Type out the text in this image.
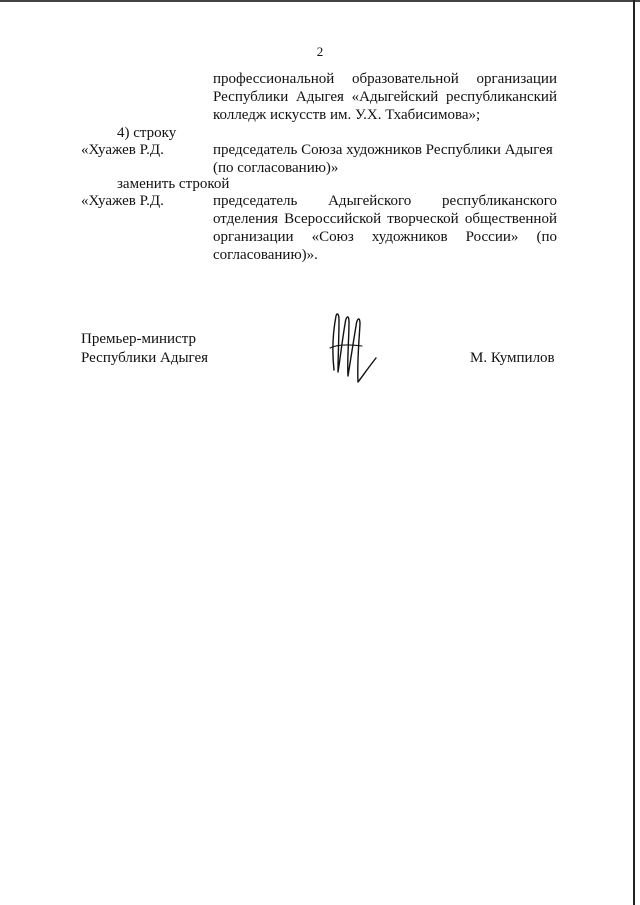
2
профессиональной образовательной организации
Республики Адыгея «Адыгейский республиканский
колледж искусств им. У.Х. Тхабисимова»;
4) строку
«Хуажев Р.Д.	председатель Союза художников Республики Адыгея
(по согласованию)»
заменить строкой
«Хуажев Р.Д.	председатель Адыгейского республиканского
отделения Всероссийской творческой общественной
организации «Союз художников России» (по
согласованию)».
Премьер-министр
Республики Адыгея	М. Кумпилов
